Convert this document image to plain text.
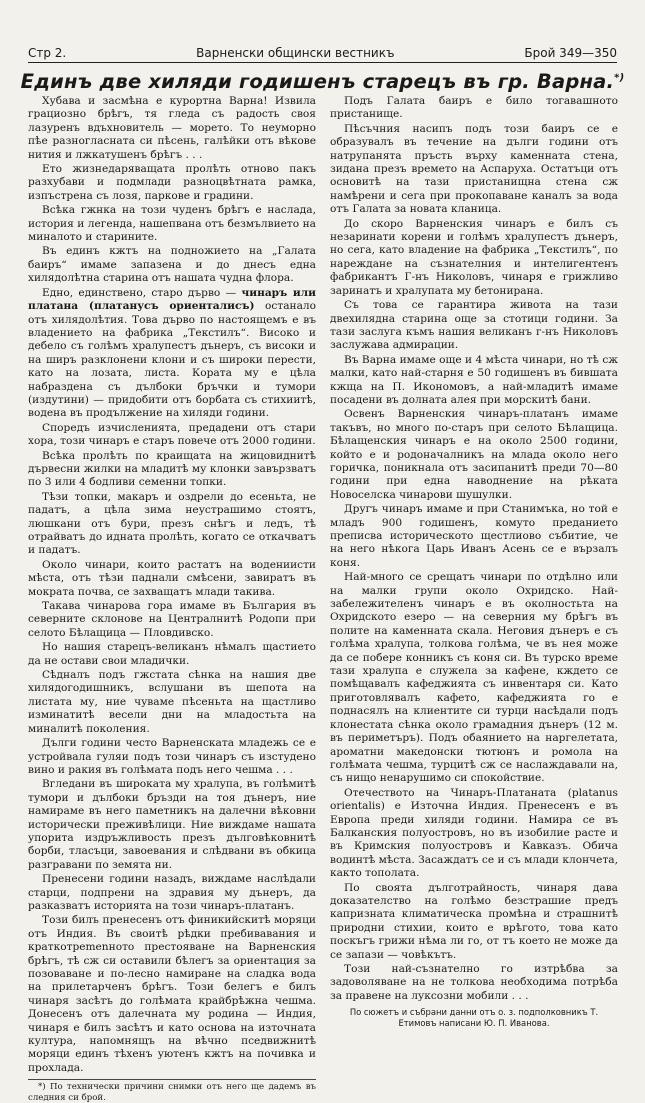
Стр 2.	Варненски общински вестникъ	Брой 349—350
Единъ две хиляди годишенъ старецъ въ гр. Варна.*)

Хубава и засмѣна е курортна Варна! Извила грациозно брѣгъ, тя гледа съ радость своя лазуренъ вдъхновитель — морето. То неуморно пѣе разногласната си пѣсень, галѣйки отъ вѣкове нития и лжкатушенъ брѣгъ . . .

Ето жизнедаряващата пролѣть отново пакъ разхубави и подмлади разноцвѣтната рамка, изпъстрена съ лозя, паркове и градини.

Всѣка гжнка на този чуденъ брѣгъ е наслада, история и легенда, нашепвана отъ безмълвието на миналото и старините.

Въ единъ кжтъ на подножието на „Галата баиръ“ имаме запазена и до днесъ една хилядолѣтна старина отъ нашата чудна флора.

Едно, единствено, старо дърво — чинаръ или платана (платанусъ ориенталисъ) останало отъ хилядолѣтия. Това дърво по настоящемъ е въ владението на фабрика „Текстилъ“. Високо и дебело съ голѣмъ хралупестъ дънеръ, съ високи и на ширъ разклонени клони и съ широки перести, като на лозата, листа. Кората му е цѣла набраздена съ дълбоки бръчки и тумори (издутини) — придобити отъ борбата съ стихиитѣ, водена въ продължение на хиляди години.

Споредъ изчисленията, предадени отъ стари хора, този чинаръ е старъ повече отъ 2000 години.

Всѣка пролѣть по краищата на жицовиднитѣ дървесни жилки на младитѣ му клонки завързватъ по 3 или 4 бодливи семенни топки.

Тѣзи топки, макаръ и оздрели до есеньта, не падатъ, а цѣла зима неустрашимо стоятъ, люшкани отъ бури, презъ снѣгъ и ледъ, тѣ отрайватъ до идната пролѣть, когато се откачватъ и падатъ.

Около чинари, които растатъ на водениисти мѣста, отъ тѣзи паднали смѣсени, завиратъ въ мократа почва, се захващатъ млади такива.

Такава чинарова гора имаме въ България въ северните склонове на Централнитѣ Родопи при селото Бѣлащица — Пловдивско.

Но нашия старецъ-великанъ нѣмалъ щастието да не остави свои младички.

Сѣдналъ подъ гжстата сѣнка на нашия две хилядогодишникъ, вслушани въ шепота на листата му, ние чуваме пѣсеньта на щастливо изминатитѣ весели дни на младостьта на миналитѣ поколения.

Дълги години честo Варненската младежь се е устройвала гуляи подъ този чинаръ съ изстудено вино и ракия въ голѣмата подъ него чешма . . .

Вгледани въ широката му хралупа, въ голѣмитѣ тумори и дълбоки бръзди на тоя дънеръ, ние намираме въ него паметникъ на далечни вѣковни исторически преживѣлици. Ние виждаме нашата упорита издръжливость презъ дълговѣковнитѣ борби, тласъци, завоевания и слѣдвани въ обкица разгравани по земята ни.

Пренесени години назадъ, виждаме наслѣдали старци, подпрени на здравия му дънеръ, да разказватъ историята на този чинаръ-платанъ.

Този билъ пренесенъ отъ финикийскитѣ моряци отъ Индия. Въ своитѣ рѣдки пребивавания и краткотрemenното престояване на Варненския брѣгъ, тѣ сж си оставили бѣлегъ за ориентация за позоваване и по-лесно намиране на сладка вода на прилетарченъ брѣгъ. Този белегъ е билъ чинаря засѣтъ до голѣмата крайбрѣжна чешма. Донесенъ отъ далечната му родина — Индия, чинаря е билъ засѣтъ и като основа на източната култура, напомнящъ на вѣчно пседвижнитѣ моряци единъ тѣхенъ уютенъ кжтъ на почивка и прохлада.

*) По технически причини снимки отъ него ще дадемъ въ следния си брой.

Подъ Галата баиръ е било тогавашното пристанище.

Пѣсъчния насипъ подъ този баиръ се е образувалъ въ течение на дълги години отъ натрупанята пръсть върху каменната стена, зидана презъ времето на Аспаруха. Остатъци отъ основитѣ на тази пристанищна стена сж намѣрени и сега при прокопаване каналъ за вода отъ Галата за новата кланица.

До скоро Варненския чинаръ е билъ съ незаринати корени и голѣмъ хралупестъ дънеръ, но сега, като владение на фабрика „Текстилъ“, по нареждане на съзнателния и интелигентенъ фабрикантъ Г-нъ Николовъ, чинаря е грижливо заринатъ и хралупата му бетонирана.

Съ това се гарантира живота на тази двехилядна старина още за стотици години. За тази заслуга къмъ нашия великанъ г-нъ Николовъ заслужава адмирации.

Въ Варна имаме още и 4 мѣста чинари, но тѣ сж малки, като най-старня е 50 годишенъ въ бившата кжща на П. Икономовъ, а най-младитѣ имаме посадени въ долната алея при морскитѣ бани.

Освенъ Варненския чинаръ-платанъ имаме такъвъ, но много по-старъ при селото Бѣлащица. Бѣлащенския чинаръ е на около 2500 години, който е и родоначалникъ на млада около него горичка, поникнала отъ засипанитѣ преди 70—80 години при една наводнение на рѣката Новоселска чинарови шушулки.

Другъ чинаръ имаме и при Станимъка, но той е младъ 900 годишенъ, комуто преданието преписва историческото щестлиово събитие, че на него нѣкога Царь Иванъ Асень се е вързалъ коня.

Най-многo се срещатъ чинари по отдѣлно или на малки групи около Охридско. Най-забележителенъ чинаръ е въ околностьта на Охридското езеро — на северния му брѣгъ въ полите на каменната скала. Неговия дънеръ е съ голѣма хралупа, толкова голѣма, че въ нея може да се побере конникъ съ коня си. Въ турско време тази хралупа е служела за кафене, кждето се помѣщавалъ кафеджията съ инвентаря си. Като приготовлявалъ кафето, кафеджията го е поднасялъ на клиентите си турци наcѣдали подъ клонестата сѣнка около грамадния дънеръ (12 м. въ периметъръ). Подъ обаянието на наргелетата, ароматни македонски тютюнъ и ромола на голѣмата чешма, турцитѣ сж се наслаждавали на, съ нищо ненарушимо си спокойствие.

Отечеството на Чинаръ-Платаната (platanus orientalis) е Източна Индия. Пренесенъ е въ Европа преди хиляди години. Намира се въ Балканския полуостровъ, но въ изобилие расте и въ Кримския полуостровъ и Кавказъ. Обича водинтѣ мѣста. Засаждатъ се и съ млади клончета, както тополата.

По своята дълготрайность, чинаря дава доказателство на голѣмо безстрашие предъ капризната климатическа промѣна и страшнитѣ природни стихии, които е врѣгото, това като поскъгъ грижи нѣма ли го, от тъ което не може да се запази — човѣкътъ.

Този най-съзнателно го изтрѣбва за задоволяване на не толкова необходима потрѣба за правене на луксозни мобили . . .

По сюжетъ и събрани данни отъ о. з. подполковникъ Т. Етимовъ написани Ю. П. Иванова.
